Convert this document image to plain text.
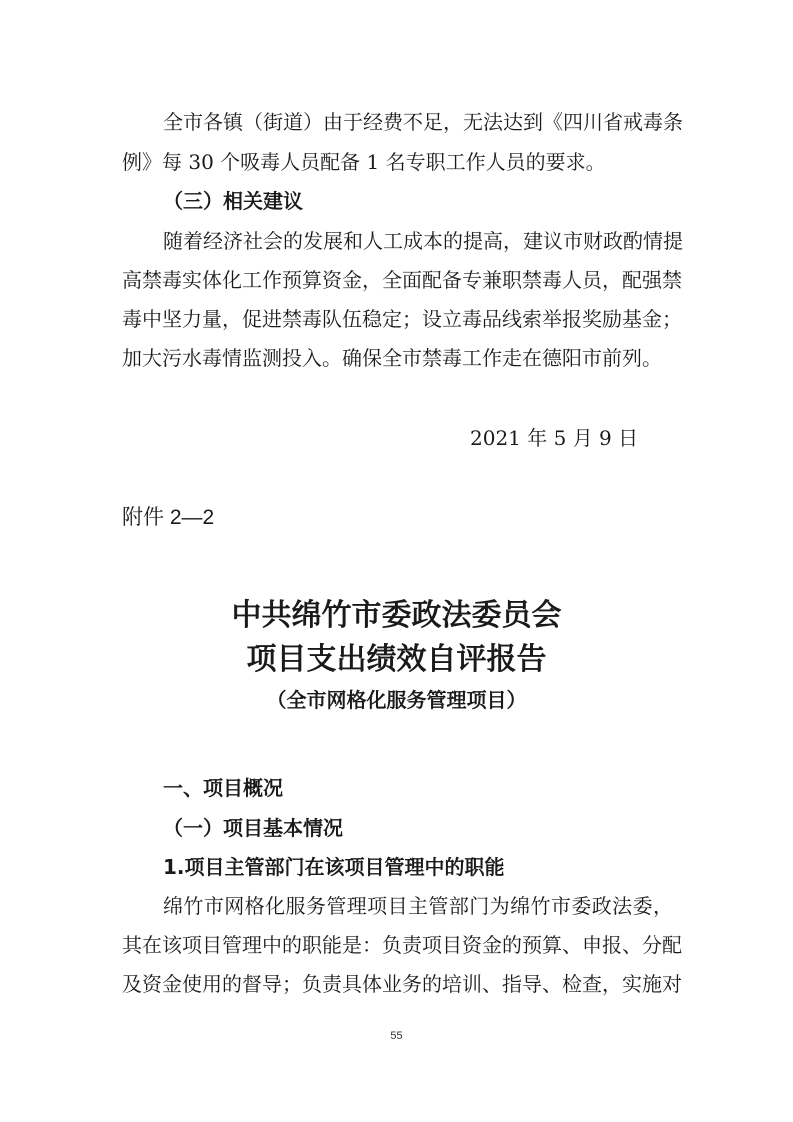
全市各镇（街道）由于经费不足，无法达到《四川省戒毒条
例》每 30 个吸毒人员配备 1 名专职工作人员的要求。
（三）相关建议
随着经济社会的发展和人工成本的提高，建议市财政酌情提
高禁毒实体化工作预算资金，全面配备专兼职禁毒人员，配强禁
毒中坚力量，促进禁毒队伍稳定；设立毒品线索举报奖励基金；
加大污水毒情监测投入。确保全市禁毒工作走在德阳市前列。
2021 年 5 月 9 日
附件 2—2
中共绵竹市委政法委员会
项目支出绩效自评报告
（全市网格化服务管理项目）
一、项目概况
（一）项目基本情况
1.项目主管部门在该项目管理中的职能
绵竹市网格化服务管理项目主管部门为绵竹市委政法委，
其在该项目管理中的职能是：负责项目资金的预算、申报、分配
及资金使用的督导；负责具体业务的培训、指导、检查，实施对
55
